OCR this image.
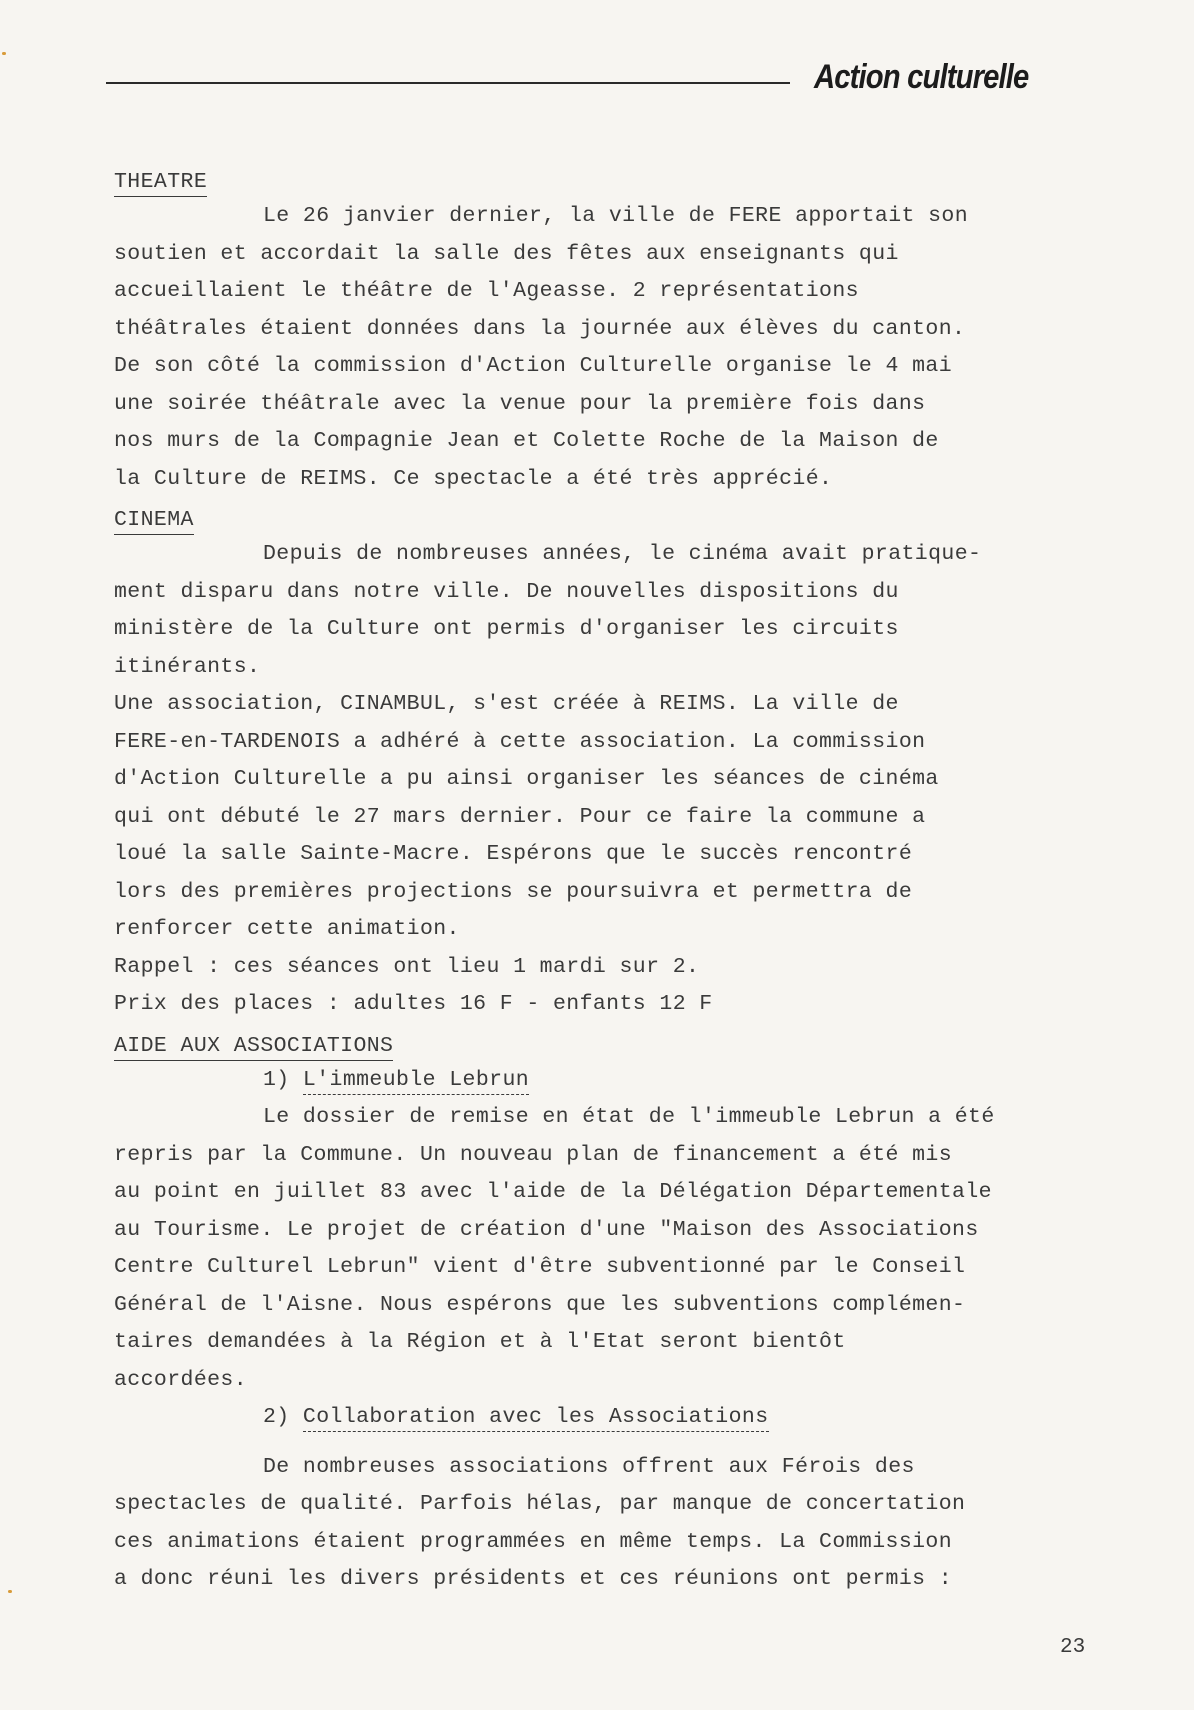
Action culturelle
THEATRE
Le 26 janvier dernier, la ville de FERE apportait son
soutien et accordait la salle des fêtes aux enseignants qui
accueillaient le théâtre de l'Ageasse. 2 représentations
théâtrales étaient données dans la journée aux élèves du canton.
De son côté la commission d'Action Culturelle organise le 4 mai
une soirée théâtrale avec la venue pour la première fois dans
nos murs de la Compagnie Jean et Colette Roche de la Maison de
la Culture de REIMS. Ce spectacle a été très apprécié.
CINEMA
Depuis de nombreuses années, le cinéma avait pratique-
ment disparu dans notre ville. De nouvelles dispositions du
ministère de la Culture ont permis d'organiser les circuits
itinérants.
Une association, CINAMBUL, s'est créée à REIMS. La ville de
FERE-en-TARDENOIS a adhéré à cette association. La commission
d'Action Culturelle a pu ainsi organiser les séances de cinéma
qui ont débuté le 27 mars dernier. Pour ce faire la commune a
loué la salle Sainte-Macre. Espérons que le succès rencontré
lors des premières projections se poursuivra et permettra de
renforcer cette animation.
Rappel : ces séances ont lieu 1 mardi sur 2.
Prix des places : adultes 16 F - enfants 12 F
AIDE AUX ASSOCIATIONS
1) L'immeuble Lebrun
Le dossier de remise en état de l'immeuble Lebrun a été
repris par la Commune. Un nouveau plan de financement a été mis
au point en juillet 83 avec l'aide de la Délégation Départementale
au Tourisme. Le projet de création d'une "Maison des Associations
Centre Culturel Lebrun" vient d'être subventionné par le Conseil
Général de l'Aisne. Nous espérons que les subventions complémen-
taires demandées à la Région et à l'Etat seront bientôt
accordées.
2) Collaboration avec les Associations
De nombreuses associations offrent aux Férois des
spectacles de qualité. Parfois hélas, par manque de concertation
ces animations étaient programmées en même temps. La Commission
a donc réuni les divers présidents et ces réunions ont permis :
23
